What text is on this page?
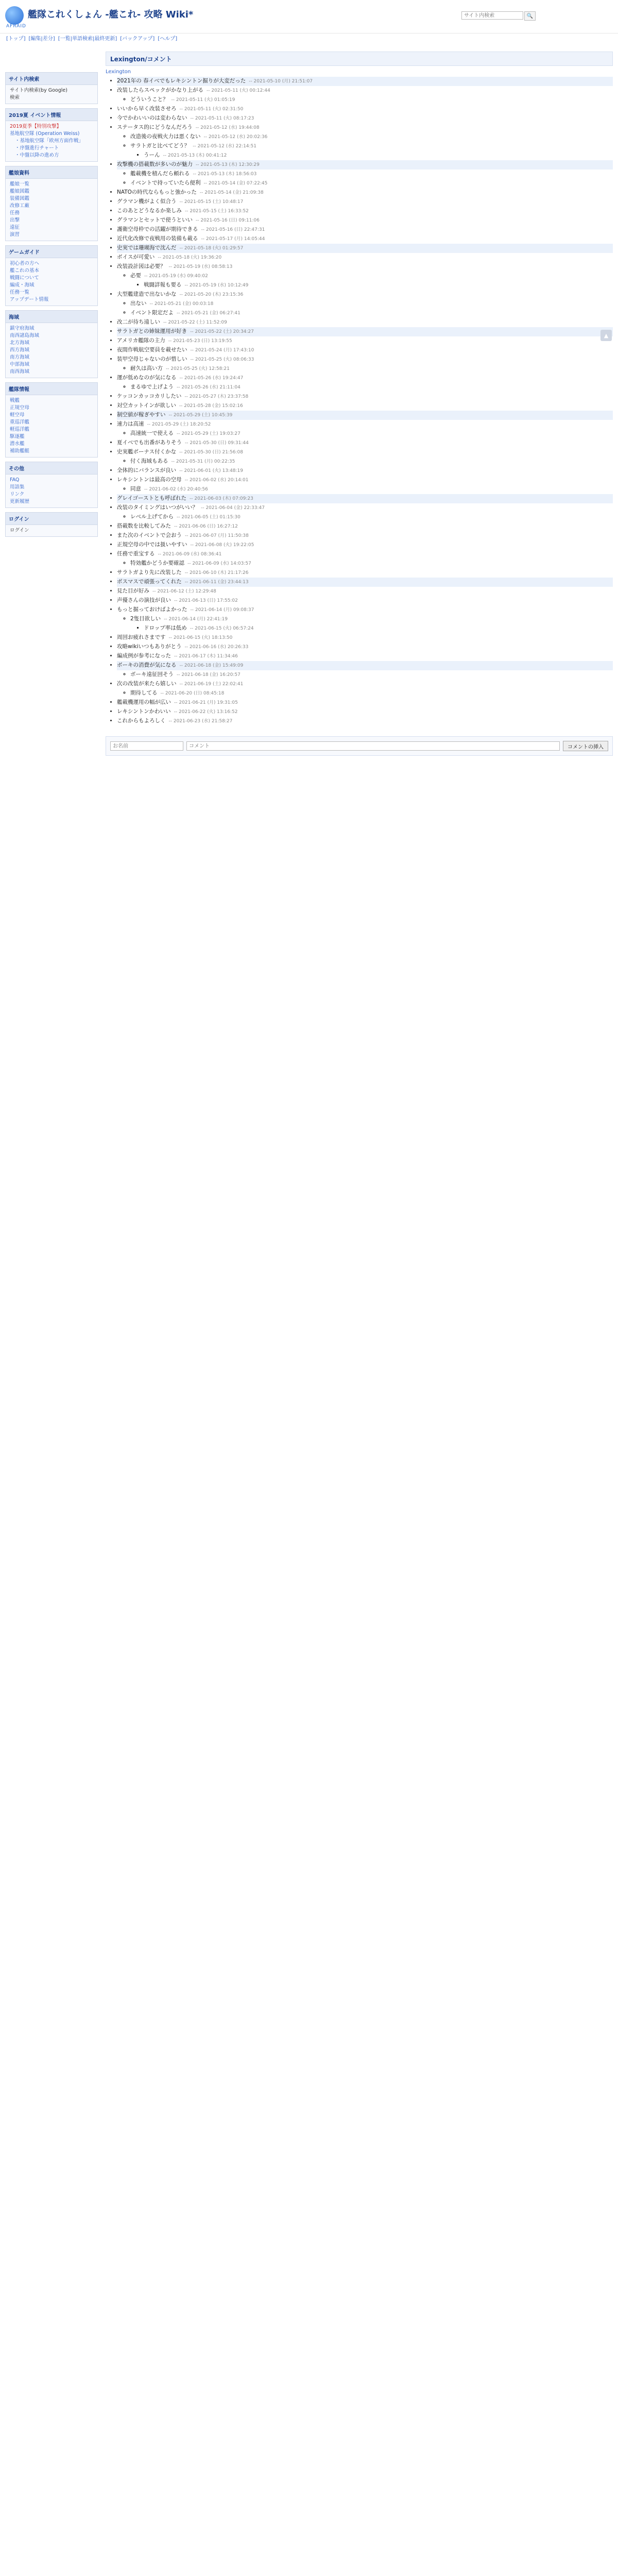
AFRAID
艦隊これくしょん -艦これ- 攻略 Wiki*
サイト内検索	🔍
[トップ] [編集|差分] [一覧|単語検索|最終更新] [バックアップ] [ヘルプ]
サイト内検索
サイト内検索(by Google)
検索
2019夏 イベント情報
2019夏季【特別攻撃】
基地航空隊 (Operation Weiss)
・基地航空隊「欧州方面作戦」
・序盤進行チャート
・中盤以降の進め方
艦娘資料
艦娘一覧
艦娘図鑑
装備図鑑
改修工廠
任務
出撃
遠征
演習
ゲームガイド
初心者の方へ
艦これの基本
戦闘について
編成・海域
任務一覧
アップデート情報
海域
鎮守府海域
南西諸島海域
北方海域
西方海域
南方海域
中部海域
南西海域
艦隊情報
戦艦
正規空母
軽空母
重巡洋艦
軽巡洋艦
駆逐艦
潜水艦
補助艦艇
その他
FAQ
用語集
リンク
更新履歴
ログイン
ログイン
Lexington/コメント
Lexington
• 2021年の 春イベでもレキシントン掘りが大変だった -- 2021-05-10 (月) 21:51:07
• 改装したらスペックがかなり上がる -- 2021-05-11 (火) 00:12:44
◦ どういうこと？ -- 2021-05-11 (火) 01:05:19
• いいから早く改装させろ -- 2021-05-11 (火) 02:31:50
• 今でかわいいのは変わらない -- 2021-05-11 (火) 08:17:23
• ステータス的にどうなんだろう -- 2021-05-12 (水) 19:44:08
◦ 改造後の夜戦火力は悪くない -- 2021-05-12 (水) 20:02:36
◦ サラトガと比べてどう？ -- 2021-05-12 (水) 22:14:51
▪ うーん -- 2021-05-13 (木) 00:41:12
• 攻撃機の搭載数が多いのが魅力 -- 2021-05-13 (木) 12:30:29
◦ 艦載機を積んだら頼れる -- 2021-05-13 (木) 18:56:03
◦ イベントで持っていたら便利 -- 2021-05-14 (金) 07:22:45
• NATOの時代ならもっと強かった -- 2021-05-14 (金) 21:09:38
• グラマン機がよく似合う -- 2021-05-15 (土) 10:48:17
• このあとどうなるか楽しみ -- 2021-05-15 (土) 16:33:52
• グラマンとセットで使うといい -- 2021-05-16 (日) 09:11:06
• 護衛空母枠での活躍が期待できる -- 2021-05-16 (日) 22:47:31
• 近代化改修で夜戦用の装備も載る -- 2021-05-17 (月) 14:05:44
• 史実では珊瑚海で沈んだ -- 2021-05-18 (火) 01:29:57
• ボイスが可愛い -- 2021-05-18 (火) 19:36:20
• 改装設計図は必要？ -- 2021-05-19 (水) 08:58:13
◦ 必要 -- 2021-05-19 (水) 09:40:02
▪ 戦闘詳報も要る -- 2021-05-19 (水) 10:12:49
• 大型艦建造で出ないかな -- 2021-05-20 (木) 23:15:36
◦ 出ない -- 2021-05-21 (金) 00:03:18
◦ イベント限定だよ -- 2021-05-21 (金) 06:27:41
• 改二が待ち遠しい -- 2021-05-22 (土) 11:52:09
• サラトガとの姉妹運用が好き -- 2021-05-22 (土) 20:34:27
• アメリカ艦隊の主力 -- 2021-05-23 (日) 13:19:55
• 夜間作戦航空要員を載せたい -- 2021-05-24 (月) 17:43:10
• 装甲空母じゃないのが惜しい -- 2021-05-25 (火) 08:06:33
◦ 耐久は高い方 -- 2021-05-25 (火) 12:58:21
• 運が低めなのが気になる -- 2021-05-26 (水) 19:24:47
◦ まるゆで上げよう -- 2021-05-26 (水) 21:11:04
• ケッコンカッコカリしたい -- 2021-05-27 (木) 23:37:58
• 対空カットインが欲しい -- 2021-05-28 (金) 15:02:16
• 制空値が稼ぎやすい -- 2021-05-29 (土) 10:45:39
• 速力は高速 -- 2021-05-29 (土) 18:20:52
◦ 高速統一で使える -- 2021-05-29 (土) 19:03:27
• 夏イベでも出番がありそう -- 2021-05-30 (日) 09:31:44
• 史実艦ボーナス付くかな -- 2021-05-30 (日) 21:56:08
◦ 付く海域もある -- 2021-05-31 (月) 00:22:35
• 全体的にバランスが良い -- 2021-06-01 (火) 13:48:19
• レキシントンは最高の空母 -- 2021-06-02 (水) 20:14:01
◦ 同意 -- 2021-06-02 (水) 20:40:56
• グレイゴーストとも呼ばれた -- 2021-06-03 (木) 07:09:23
• 改装のタイミングはいつがいい？ -- 2021-06-04 (金) 22:33:47
◦ レベル上げてから -- 2021-06-05 (土) 01:15:30
• 搭載数を比較してみた -- 2021-06-06 (日) 16:27:12
• また次のイベントで会おう -- 2021-06-07 (月) 11:50:38
• 正規空母の中では扱いやすい -- 2021-06-08 (火) 19:22:05
• 任務で重宝する -- 2021-06-09 (水) 08:36:41
◦ 特効艦かどうか要確認 -- 2021-06-09 (水) 14:03:57
• サラトガより先に改装した -- 2021-06-10 (木) 21:17:26
• ボスマスで頑張ってくれた -- 2021-06-11 (金) 23:44:13
• 見た目が好み -- 2021-06-12 (土) 12:29:48
• 声優さんの演技が良い -- 2021-06-13 (日) 17:55:02
• もっと掘っておけばよかった -- 2021-06-14 (月) 09:08:37
◦ 2隻目欲しい -- 2021-06-14 (月) 22:41:19
▪ ドロップ率は低め -- 2021-06-15 (火) 06:57:24
• 周回お疲れさまです -- 2021-06-15 (火) 18:13:50
• 攻略wikiいつもありがとう -- 2021-06-16 (水) 20:26:33
• 編成例が参考になった -- 2021-06-17 (木) 11:34:46
• ボーキの消費が気になる -- 2021-06-18 (金) 15:49:09
◦ ボーキ遠征回そう -- 2021-06-18 (金) 16:20:57
• 次の改装が来たら嬉しい -- 2021-06-19 (土) 22:02:41
◦ 期待してる -- 2021-06-20 (日) 08:45:18
• 艦載機運用の幅が広い -- 2021-06-21 (月) 19:31:05
• レキシントンかわいい -- 2021-06-22 (火) 13:16:52
• これからもよろしく -- 2021-06-23 (水) 21:58:27
お名前
コメント
コメントの挿入
▲
